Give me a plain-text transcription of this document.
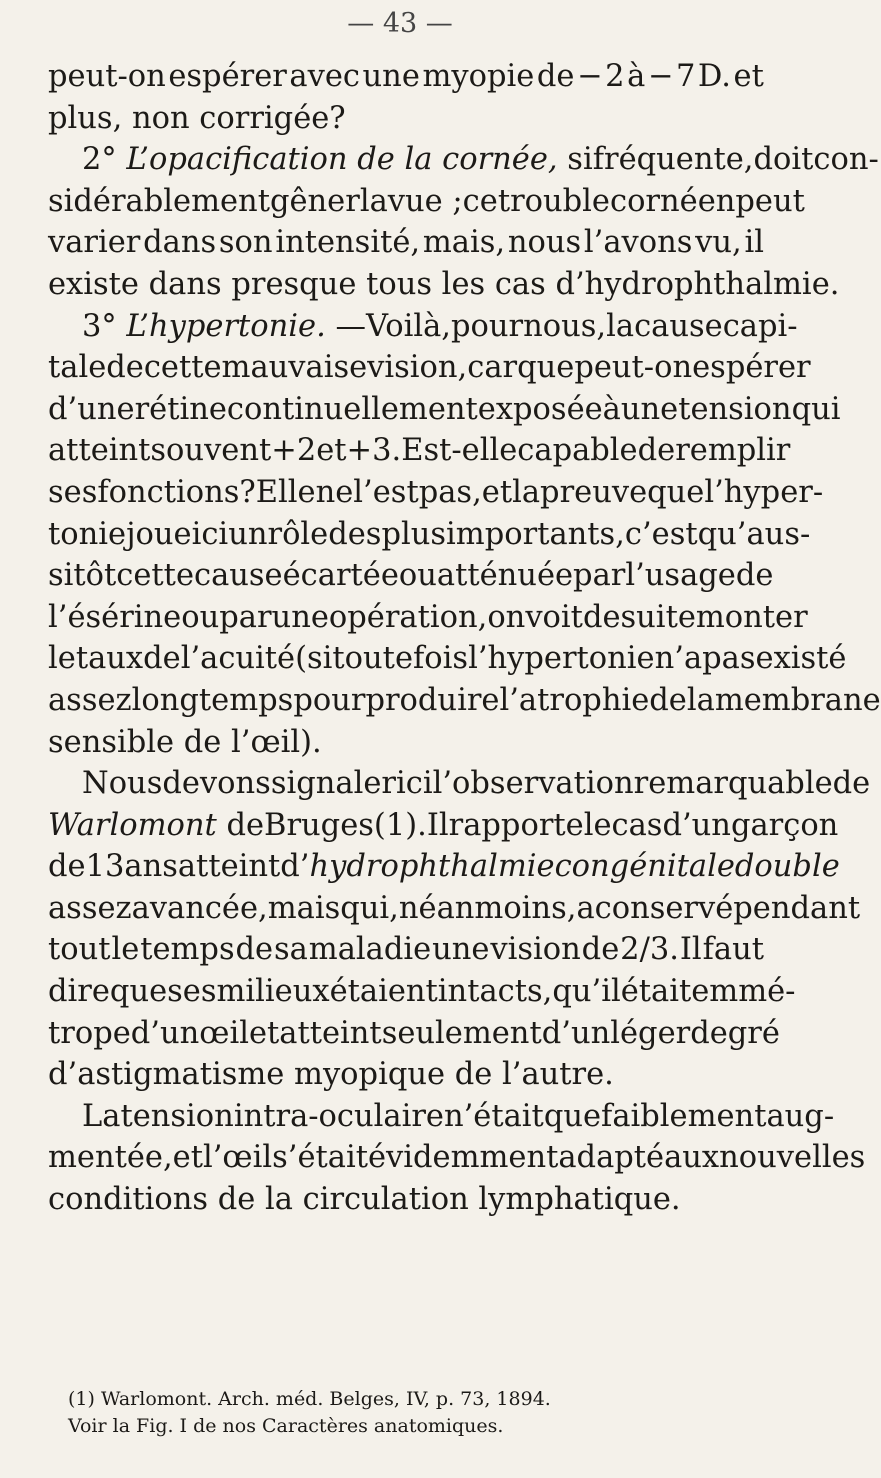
— 43 —
peut-on espérer avec une myopie de − 2 à − 7 D. et
plus, non corrigée?
2° L’opacification de la cornée, si fréquente, doit con-
sidérablement gêner la vue ; ce trouble cornéen peut
varier dans son intensité, mais, nous l’avons vu, il
existe dans presque tous les cas d’hydrophthalmie.
3° L’hypertonie. — Voilà, pour nous, la cause capi-
tale de cette mauvaise vision, car que peut-on espérer
d’une rétine continuellement exposée à une tension qui
atteint souvent + 2 et + 3. Est-elle capable de remplir
ses fonctions? Elle ne l’est pas, et la preuve que l’hyper-
tonie joue ici un rôle des plus importants, c’est qu’aus-
sitôt cette cause écartée ou atténuée par l’usage de
l’ésérine ou par une opération, on voit de suite monter
le taux de l’acuité (si toutefois l’hypertonie n’a pas existé
assez longtemps pour produire l’atrophie de la membrane
sensible de l’œil).
Nous devons signaler ici l’observation remarquable de
Warlomont de Bruges (1). Il rapporte le cas d’un garçon
de 13 ans atteint d’ hydrophthalmie congénitale double
assez avancée, mais qui, néanmoins, a conservé pendant
tout le temps de sa maladie une vision de 2/3. Il faut
dire que ses milieux étaient intacts, qu’il était emmé-
trope d’un œil et atteint seulement d’un léger degré
d’astigmatisme myopique de l’autre.
La tension intra-oculaire n’était que faiblement aug-
mentée, et l’œil s’était évidemment adapté aux nouvelles
conditions de la circulation lymphatique.
(1) Warlomont. Arch. méd. Belges, IV, p. 73, 1894.
Voir la Fig. I de nos Caractères anatomiques.
